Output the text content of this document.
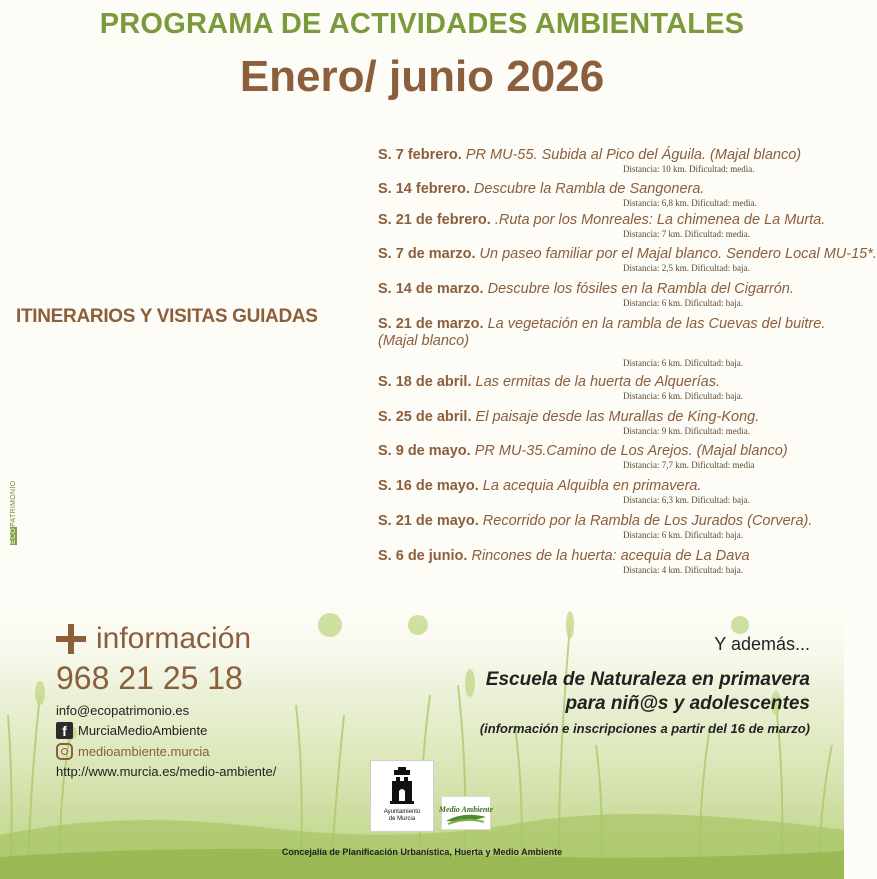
PROGRAMA DE ACTIVIDADES AMBIENTALES
Enero/ junio 2026
ITINERARIOS Y VISITAS GUIADAS
S. 7 febrero. PR MU-55. Subida al Pico del Águila. (Majal blanco)
Distancia: 10 km. Dificultad: media.
S. 14 febrero. Descubre la Rambla de Sangonera.
Distancia: 6,8 km. Dificultad: media.
S. 21 de febrero. .Ruta por los Monreales: La chimenea de La Murta.
Distancia: 7 km. Dificultad: media.
S. 7 de marzo. Un paseo familiar por el Majal blanco. Sendero Local MU-15*.
Distancia: 2,5 km. Dificultad: baja.
S. 14 de marzo. Descubre los fósiles en la Rambla del Cigarrón.
Distancia: 6 km. Dificultad: baja.
S. 21 de marzo. La vegetación en la rambla de las Cuevas del buitre. (Majal blanco)
Distancia: 6 km. Dificultad: baja.
S. 18 de abril. Las ermitas de la huerta de Alquerías.
Distancia: 6 km. Dificultad: baja.
S. 25 de abril. El paisaje desde las Murallas de King-Kong.
Distancia: 9 km. Dificultad: media.
S. 9 de mayo. PR MU-35.Camino de Los Arejos. (Majal blanco)
Distancia: 7,7 km. Dificultad: media
S. 16 de mayo. La acequia Alquibla en primavera.
Distancia: 6,3 km. Dificultad: baja.
S. 21 de mayo. Recorrido por la Rambla de Los Jurados (Corvera).
Distancia: 6 km. Dificultad: baja.
S. 6 de junio. Rincones de la huerta: acequia de La Dava
Distancia: 4 km. Dificultad: baja.
ECOPATRIMONIO
información
968 21 25 18
info@ecopatrimonio.es
f MurciaMedioAmbiente
medioambiente.murcia
http://www.murcia.es/medio-ambiente/
Y además...
Escuela de Naturaleza en primavera
para niñ@s y adolescentes
(información e inscripciones a partir del 16 de marzo)
Ayuntamiento
de Murcia
Medio Ambiente
Concejalía de Planificación Urbanística, Huerta y Medio Ambiente
